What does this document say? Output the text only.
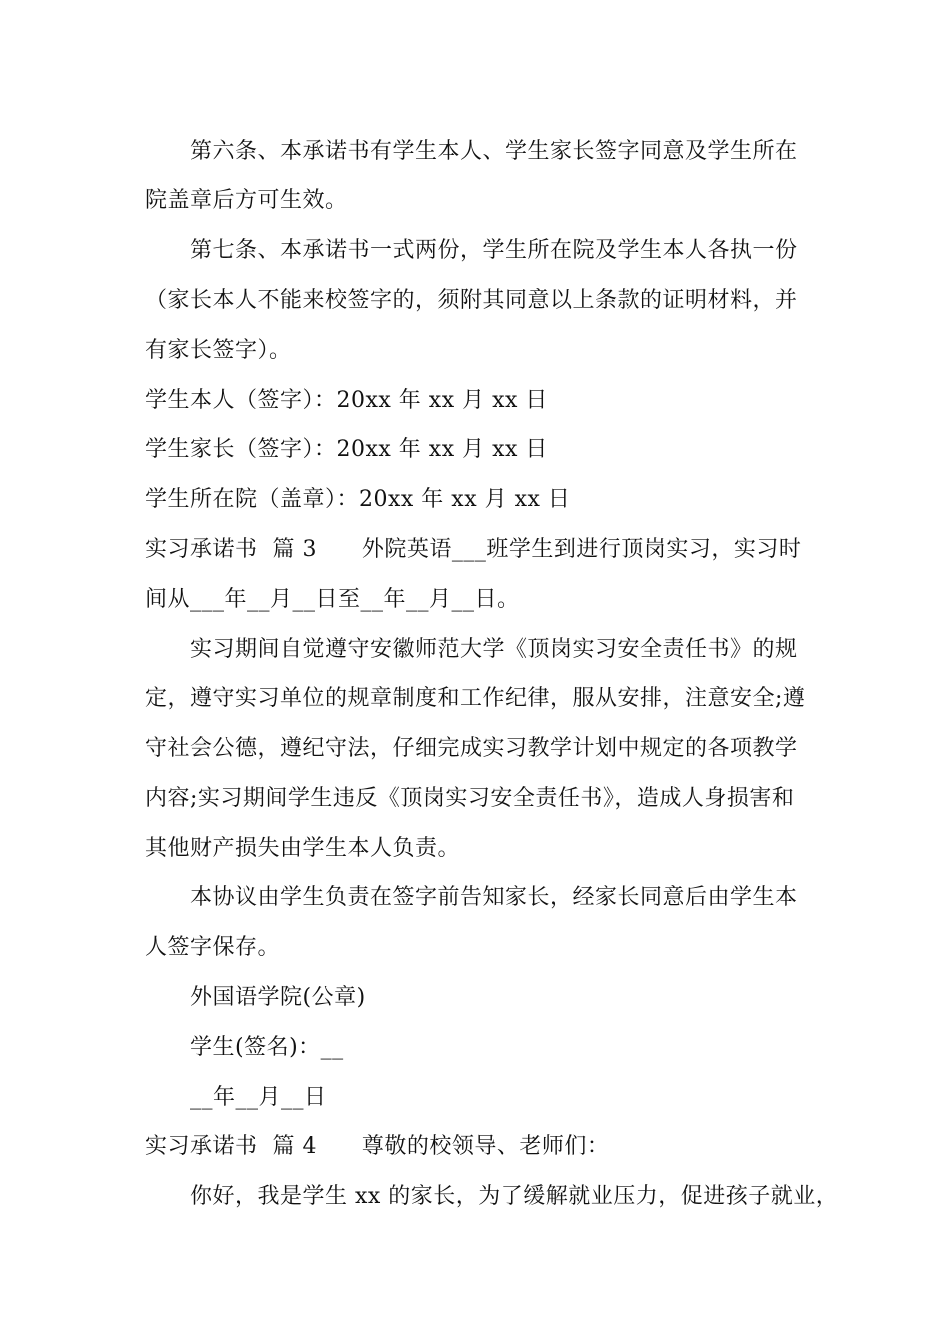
第六条、本承诺书有学生本人、学生家长签字同意及学生所在
院盖章后方可生效。
第七条、本承诺书一式两份，学生所在院及学生本人各执一份
（家长本人不能来校签字的，须附其同意以上条款的证明材料，并
有家长签字）。
学生本人（签字）：20xx 年 xx 月 xx 日
学生家长（签字）：20xx 年 xx 月 xx 日
学生所在院（盖章）：20xx 年 xx 月 xx 日
实习承诺书  篇 3      外院英语___班学生到进行顶岗实习，实习时
间从___年__月__日至__年__月__日。
实习期间自觉遵守安徽师范大学《顶岗实习安全责任书》的规
定，遵守实习单位的规章制度和工作纪律，服从安排，注意安全;遵
守社会公德，遵纪守法，仔细完成实习教学计划中规定的各项教学
内容;实习期间学生违反《顶岗实习安全责任书》，造成人身损害和
其他财产损失由学生本人负责。
本协议由学生负责在签字前告知家长，经家长同意后由学生本
人签字保存。
外国语学院(公章)
学生(签名)：__
__年__月__日
实习承诺书  篇 4      尊敬的校领导、老师们：
你好，我是学生 xx 的家长，为了缓解就业压力，促进孩子就业，
